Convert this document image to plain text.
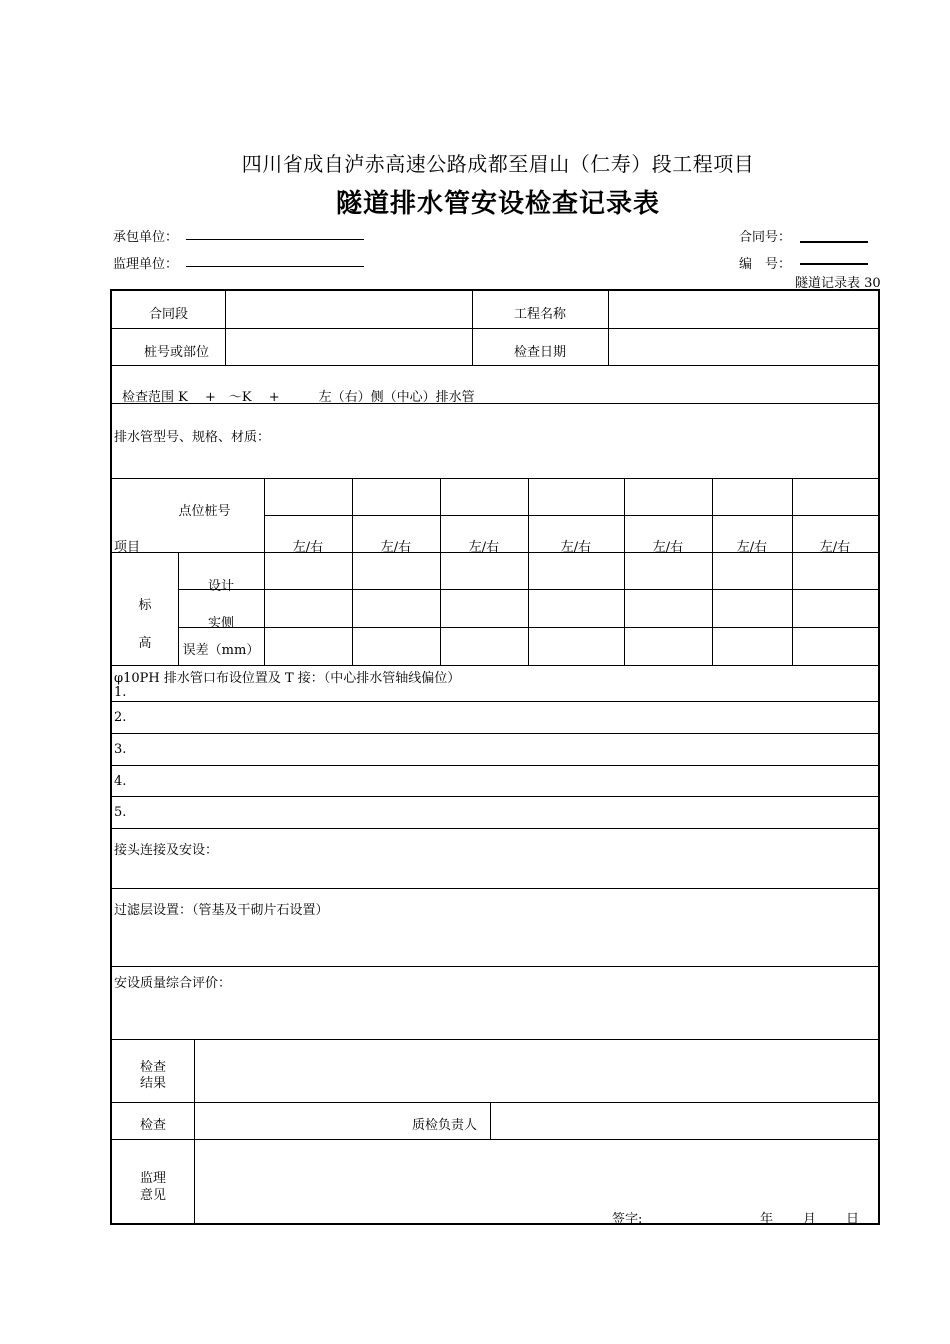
四川省成自泸赤高速公路成都至眉山（仁寿）段工程项目
隧道排水管安设检查记录表
承包单位：
监理单位：
合同号：
编　号：
隧道记录表 30
合同段	工程名称
桩号或部位	检查日期
检查范围 K 　+　～K　 +　　　左（右）侧（中心）排水管
排水管型号、规格、材质：
点位桩号
项目	左/右	左/右	左/右	左/右	左/右	左/右	左/右
标
高
设计
实侧
误差（mm）
φ10PH 排水管口布设位置及 T 接：（中心排水管轴线偏位）
1.
2.
3.
4.
5.
接头连接及安设：
过滤层设置：（管基及干砌片石设置）
安设质量综合评价：
检查
结果
检查	质检负责人
监理
意见
签字:	年 月 日
